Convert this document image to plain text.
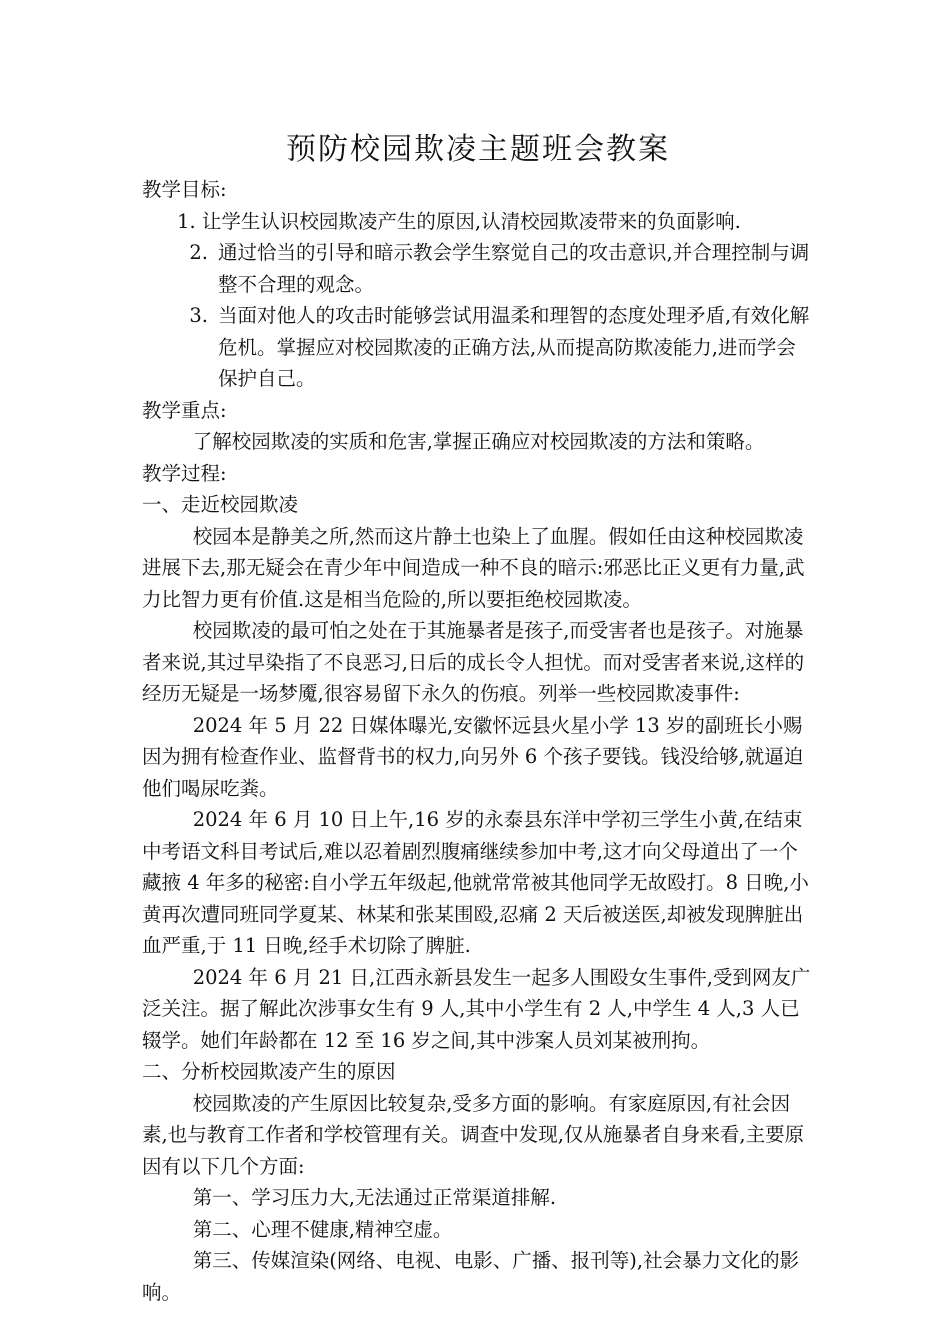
预防校园欺凌主题班会教案

教学目标:

1. 让学生认识校园欺凌产生的原因,认清校园欺凌带来的负面影响.

2. 通过恰当的引导和暗示教会学生察觉自己的攻击意识,并合理控制与调整不合理的观念。
3. 当面对他人的攻击时能够尝试用温柔和理智的态度处理矛盾,有效化解危机。掌握应对校园欺凌的正确方法,从而提高防欺凌能力,进而学会保护自己。

教学重点:

了解校园欺凌的实质和危害,掌握正确应对校园欺凌的方法和策略。

教学过程:

一、走近校园欺凌

校园本是静美之所,然而这片静土也染上了血腥。假如任由这种校园欺凌进展下去,那无疑会在青少年中间造成一种不良的暗示:邪恶比正义更有力量,武力比智力更有价值.这是相当危险的,所以要拒绝校园欺凌。

校园欺凌的最可怕之处在于其施暴者是孩子,而受害者也是孩子。对施暴者来说,其过早染指了不良恶习,日后的成长令人担忧。而对受害者来说,这样的经历无疑是一场梦魇,很容易留下永久的伤痕。列举一些校园欺凌事件:

2024 年 5 月 22 日媒体曝光,安徽怀远县火星小学 13 岁的副班长小赐因为拥有检查作业、监督背书的权力,向另外 6 个孩子要钱。钱没给够,就逼迫他们喝尿吃粪。

2024 年 6 月 10 日上午,16 岁的永泰县东洋中学初三学生小黄,在结束中考语文科目考试后,难以忍着剧烈腹痛继续参加中考,这才向父母道出了一个藏掖 4 年多的秘密:自小学五年级起,他就常常被其他同学无故殴打。8 日晚,小黄再次遭同班同学夏某、林某和张某围殴,忍痛 2 天后被送医,却被发现脾脏出血严重,于 11 日晚,经手术切除了脾脏.

2024 年 6 月 21 日,江西永新县发生一起多人围殴女生事件,受到网友广泛关注。据了解此次涉事女生有 9 人,其中小学生有 2 人,中学生 4 人,3 人已辍学。她们年龄都在 12 至 16 岁之间,其中涉案人员刘某被刑拘。

二、分析校园欺凌产生的原因

校园欺凌的产生原因比较复杂,受多方面的影响。有家庭原因,有社会因素,也与教育工作者和学校管理有关。调查中发现,仅从施暴者自身来看,主要原因有以下几个方面:

第一、学习压力大,无法通过正常渠道排解.

第二、心理不健康,精神空虚。

第三、传媒渲染(网络、电视、电影、广播、报刊等),社会暴力文化的影响。
